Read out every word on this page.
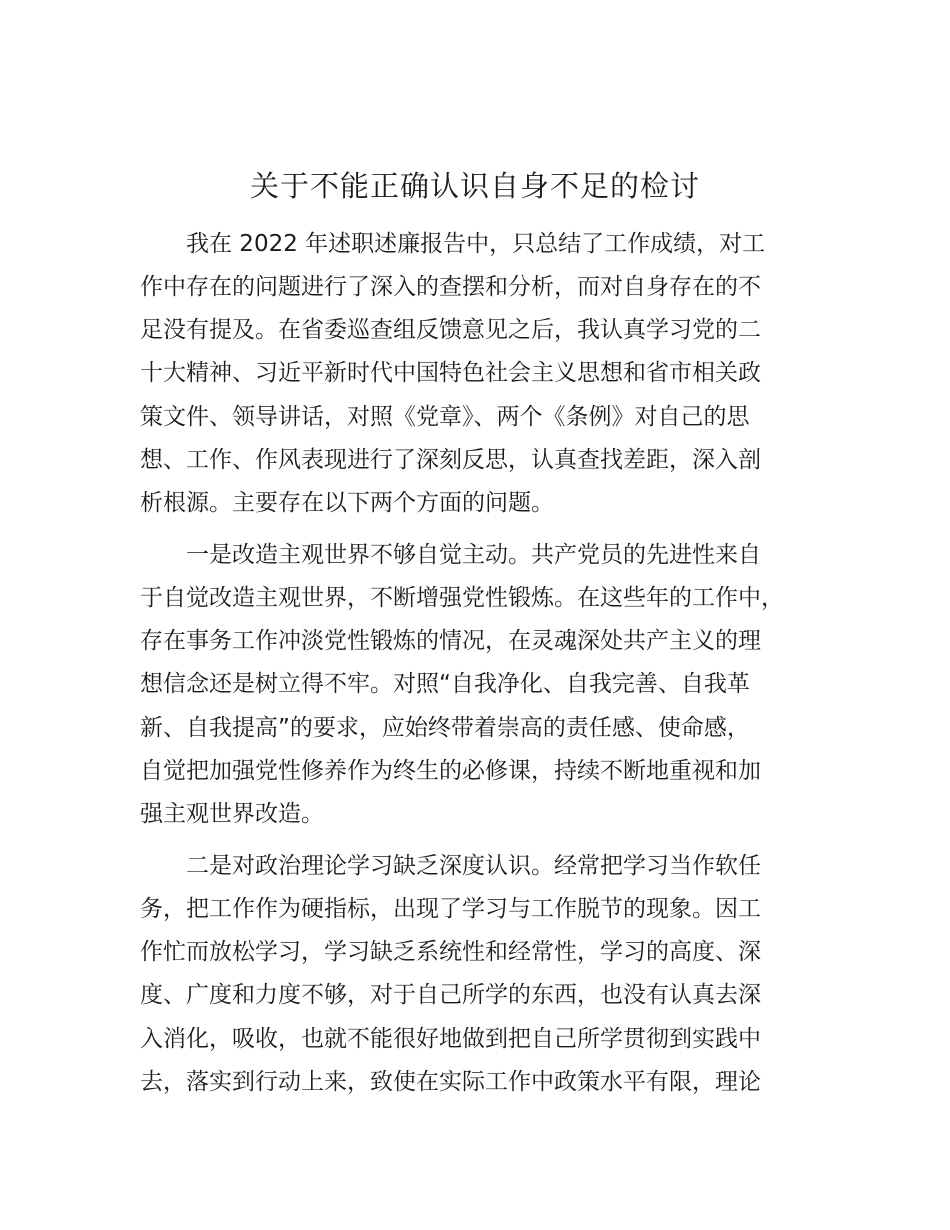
关于不能正确认识自身不足的检讨

　　我在 2022 年述职述廉报告中，只总结了工作成绩，对工

作中存在的问题进行了深入的查摆和分析，而对自身存在的不

足没有提及。在省委巡查组反馈意见之后，我认真学习党的二

十大精神、习近平新时代中国特色社会主义思想和省市相关政

策文件、领导讲话，对照《党章》、两个《条例》对自己的思

想、工作、作风表现进行了深刻反思，认真查找差距，深入剖

析根源。主要存在以下两个方面的问题。

　　一是改造主观世界不够自觉主动。共产党员的先进性来自

于自觉改造主观世界，不断增强党性锻炼。在这些年的工作中，

存在事务工作冲淡党性锻炼的情况，在灵魂深处共产主义的理

想信念还是树立得不牢。对照“自我净化、自我完善、自我革

新、自我提高”的要求，应始终带着崇高的责任感、使命感，

自觉把加强党性修养作为终生的必修课，持续不断地重视和加

强主观世界改造。

　　二是对政治理论学习缺乏深度认识。经常把学习当作软任

务，把工作作为硬指标，出现了学习与工作脱节的现象。因工

作忙而放松学习，学习缺乏系统性和经常性，学习的高度、深

度、广度和力度不够，对于自己所学的东西，也没有认真去深

入消化，吸收，也就不能很好地做到把自己所学贯彻到实践中

去，落实到行动上来，致使在实际工作中政策水平有限，理论
